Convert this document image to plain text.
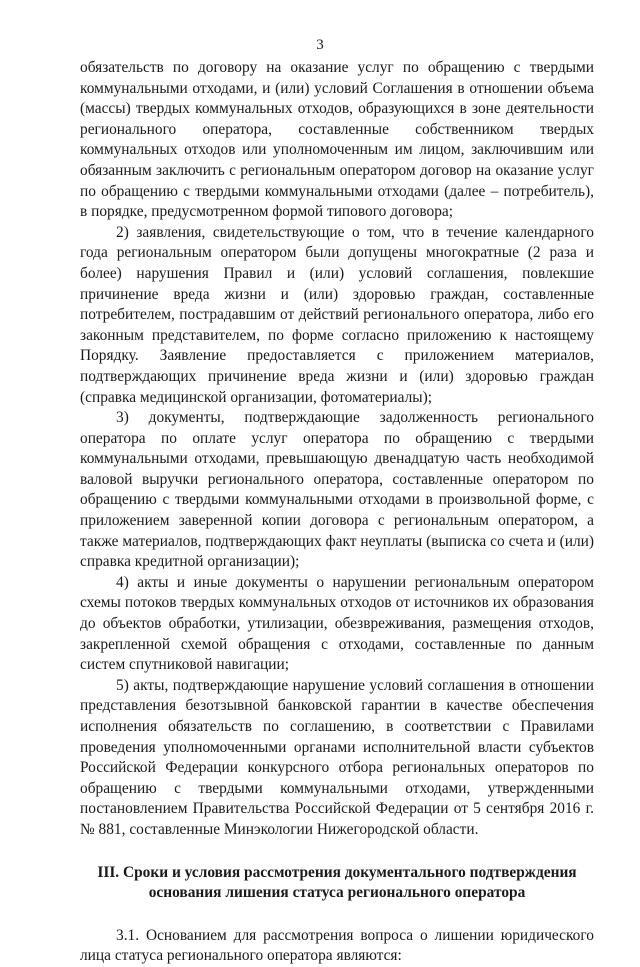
3

обязательств по договору на оказание услуг по обращению с твердыми коммунальными отходами, и (или) условий Соглашения в отношении объема (массы) твердых коммунальных отходов, образующихся в зоне деятельности регионального оператора, составленные собственником твердых коммунальных отходов или уполномоченным им лицом, заключившим или обязанным заключить с региональным оператором договор на оказание услуг по обращению с твердыми коммунальными отходами (далее – потребитель), в порядке, предусмотренном формой типового договора;

2) заявления, свидетельствующие о том, что в течение календарного года региональным оператором были допущены многократные (2 раза и более) нарушения Правил и (или) условий соглашения, повлекшие причинение вреда жизни и (или) здоровью граждан, составленные потребителем, пострадавшим от действий регионального оператора, либо его законным представителем, по форме согласно приложению к настоящему Порядку. Заявление предоставляется с приложением материалов, подтверждающих причинение вреда жизни и (или) здоровью граждан (справка медицинской организации, фотоматериалы);

3) документы, подтверждающие задолженность регионального оператора по оплате услуг оператора по обращению с твердыми коммунальными отходами, превышающую двенадцатую часть необходимой валовой выручки регионального оператора, составленные оператором по обращению с твердыми коммунальными отходами в произвольной форме, с приложением заверенной копии договора с региональным оператором, а также материалов, подтверждающих факт неуплаты (выписка со счета и (или) справка кредитной организации);

4) акты и иные документы о нарушении региональным оператором схемы потоков твердых коммунальных отходов от источников их образования до объектов обработки, утилизации, обезвреживания, размещения отходов, закрепленной схемой обращения с отходами, составленные по данным систем спутниковой навигации;

5) акты, подтверждающие нарушение условий соглашения в отношении представления безотзывной банковской гарантии в качестве обеспечения исполнения обязательств по соглашению, в соответствии с Правилами проведения уполномоченными органами исполнительной власти субъектов Российской Федерации конкурсного отбора региональных операторов по обращению с твердыми коммунальными отходами, утвержденными постановлением Правительства Российской Федерации от 5 сентября 2016 г. № 881, составленные Минэкологии Нижегородской области.

III. Сроки и условия рассмотрения документального подтверждения основания лишения статуса регионального оператора

3.1. Основанием для рассмотрения вопроса о лишении юридического лица статуса регионального оператора являются:
